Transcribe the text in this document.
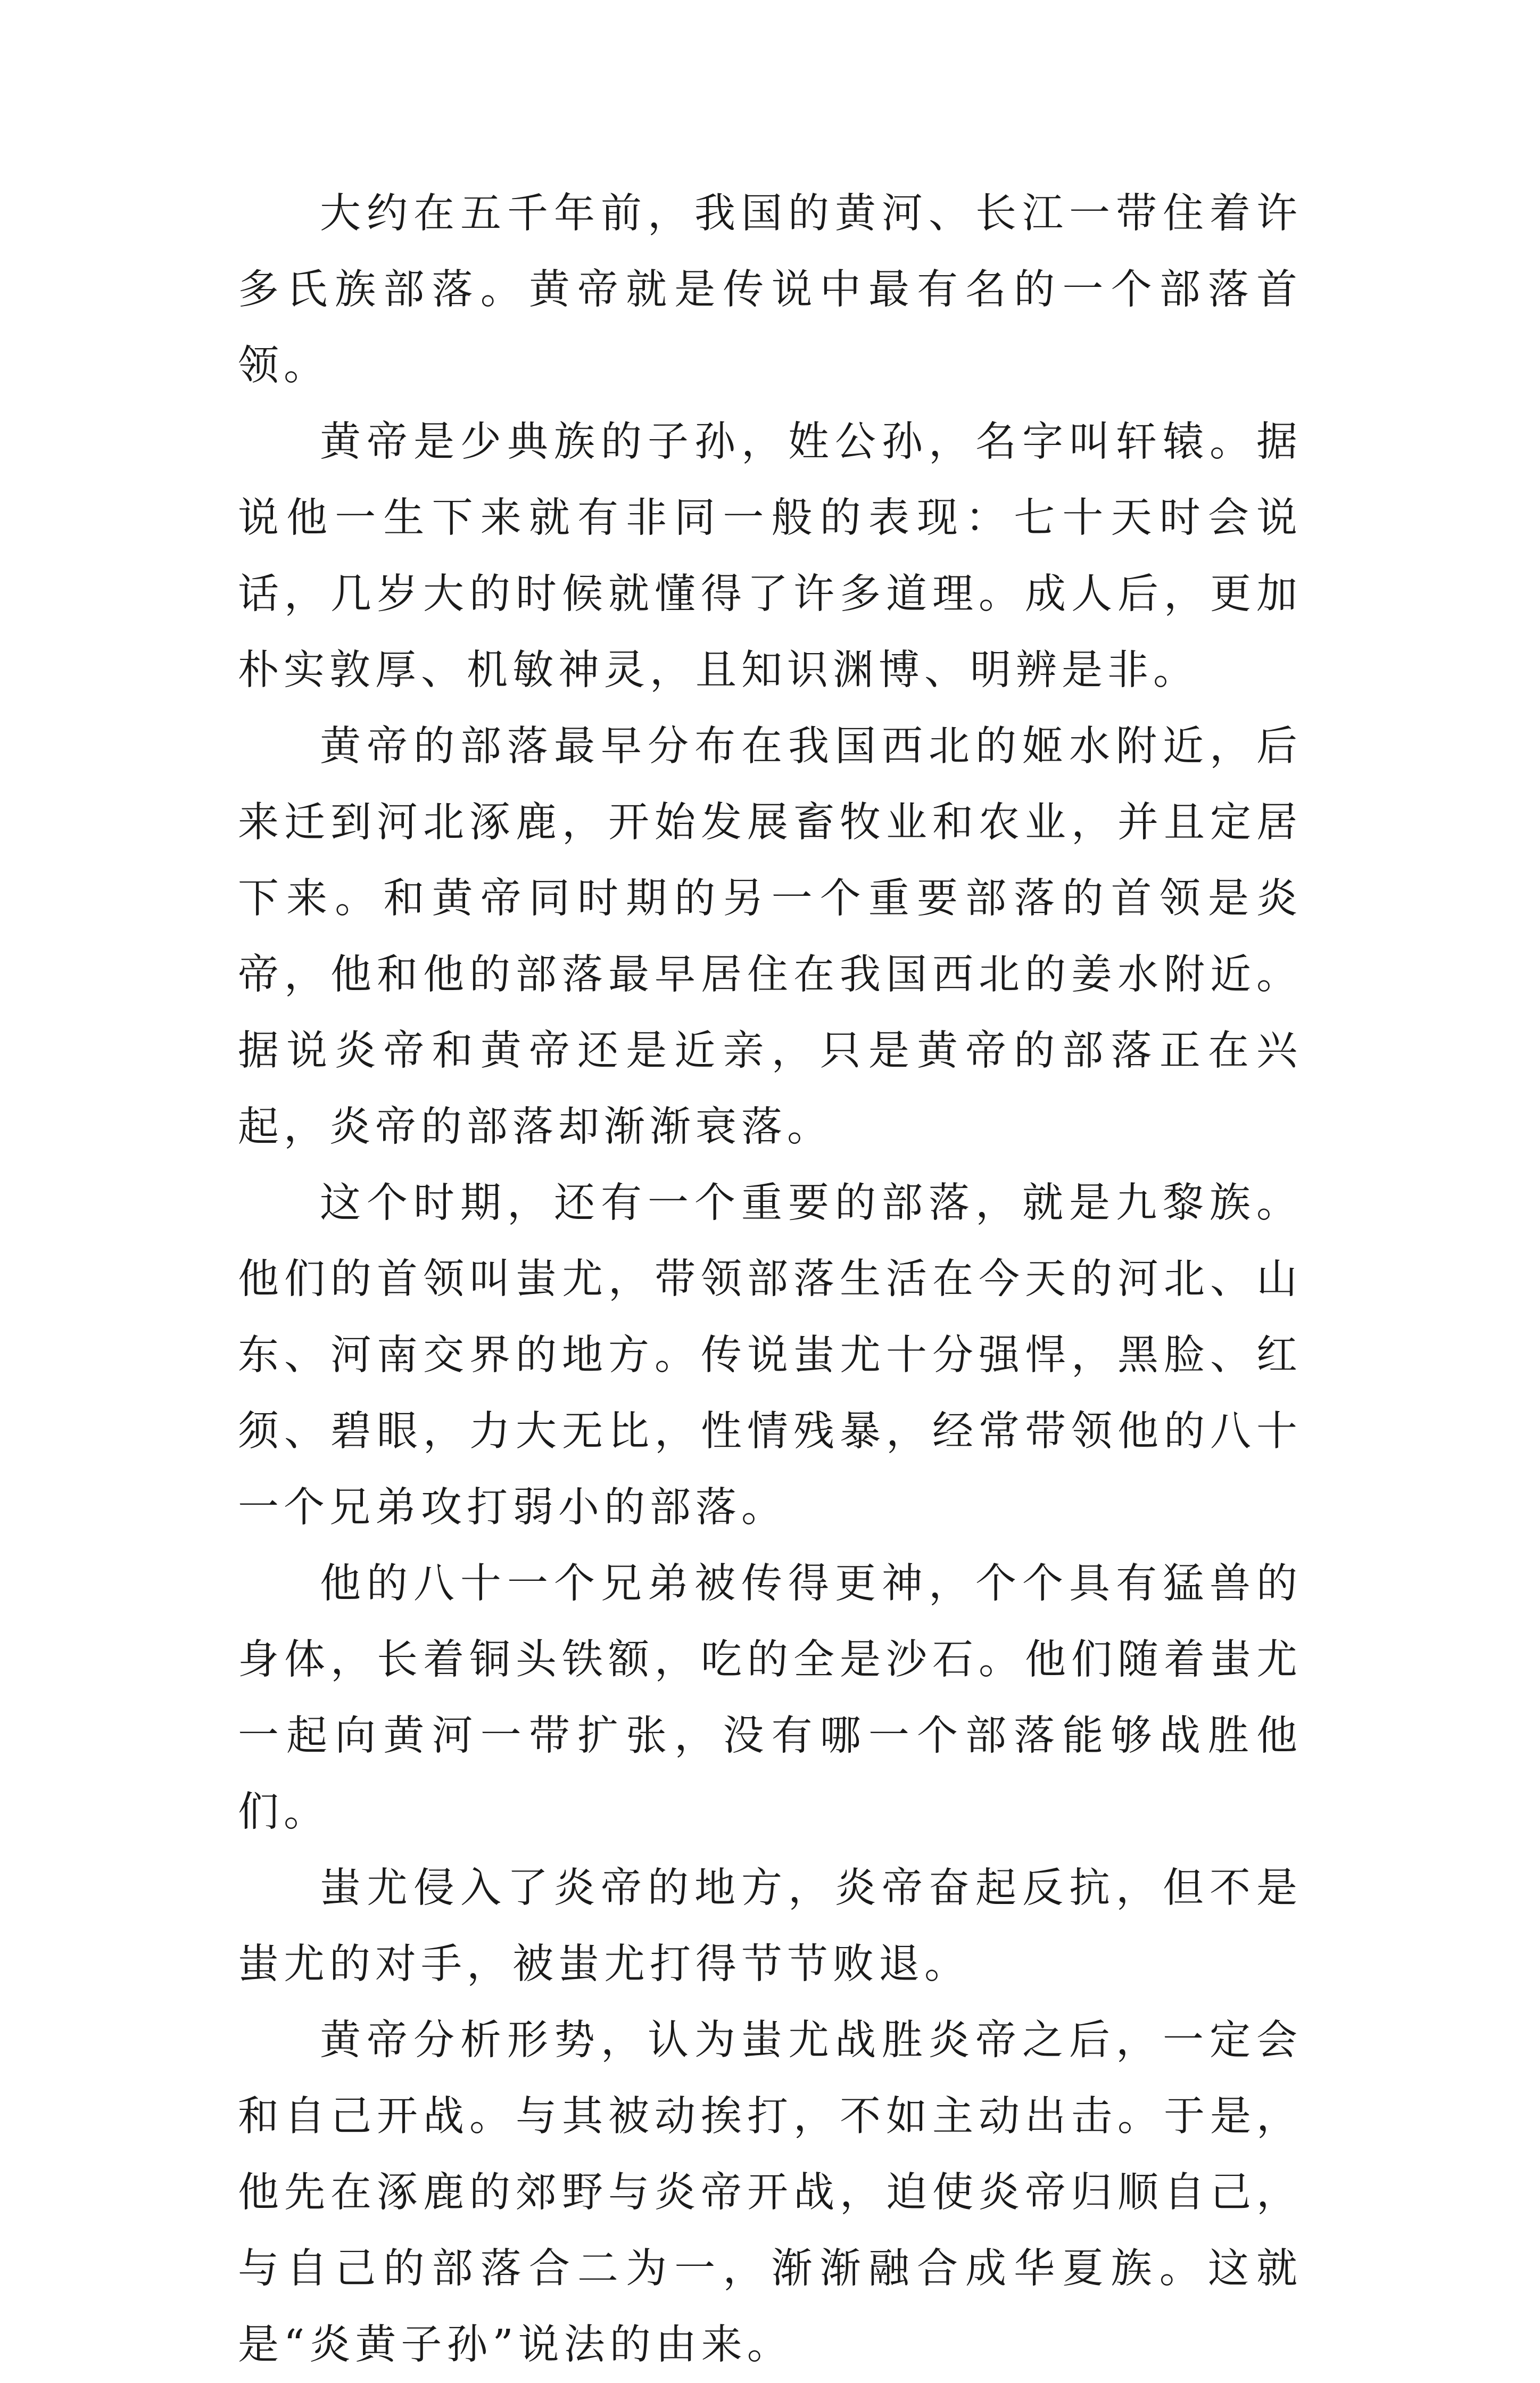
大约在五千年前，我国的黄河、长江一带住着许多氏族部落。黄帝就是传说中最有名的一个部落首领。

黄帝是少典族的子孙，姓公孙，名字叫轩辕。据说他一生下来就有非同一般的表现：七十天时会说话，几岁大的时候就懂得了许多道理。成人后，更加朴实敦厚、机敏神灵，且知识渊博、明辨是非。

黄帝的部落最早分布在我国西北的姬水附近，后来迁到河北涿鹿，开始发展畜牧业和农业，并且定居下来。和黄帝同时期的另一个重要部落的首领是炎帝，他和他的部落最早居住在我国西北的姜水附近。据说炎帝和黄帝还是近亲，只是黄帝的部落正在兴起，炎帝的部落却渐渐衰落。

这个时期，还有一个重要的部落，就是九黎族。他们的首领叫蚩尤，带领部落生活在今天的河北、山东、河南交界的地方。传说蚩尤十分强悍，黑脸、红须、碧眼，力大无比，性情残暴，经常带领他的八十一个兄弟攻打弱小的部落。

他的八十一个兄弟被传得更神，个个具有猛兽的身体，长着铜头铁额，吃的全是沙石。他们随着蚩尤一起向黄河一带扩张，没有哪一个部落能够战胜他们。

蚩尤侵入了炎帝的地方，炎帝奋起反抗，但不是蚩尤的对手，被蚩尤打得节节败退。

黄帝分析形势，认为蚩尤战胜炎帝之后，一定会和自己开战。与其被动挨打，不如主动出击。于是，他先在涿鹿的郊野与炎帝开战，迫使炎帝归顺自己，与自己的部落合二为一，渐渐融合成华夏族。这就是“炎黄子孙”说法的由来。
